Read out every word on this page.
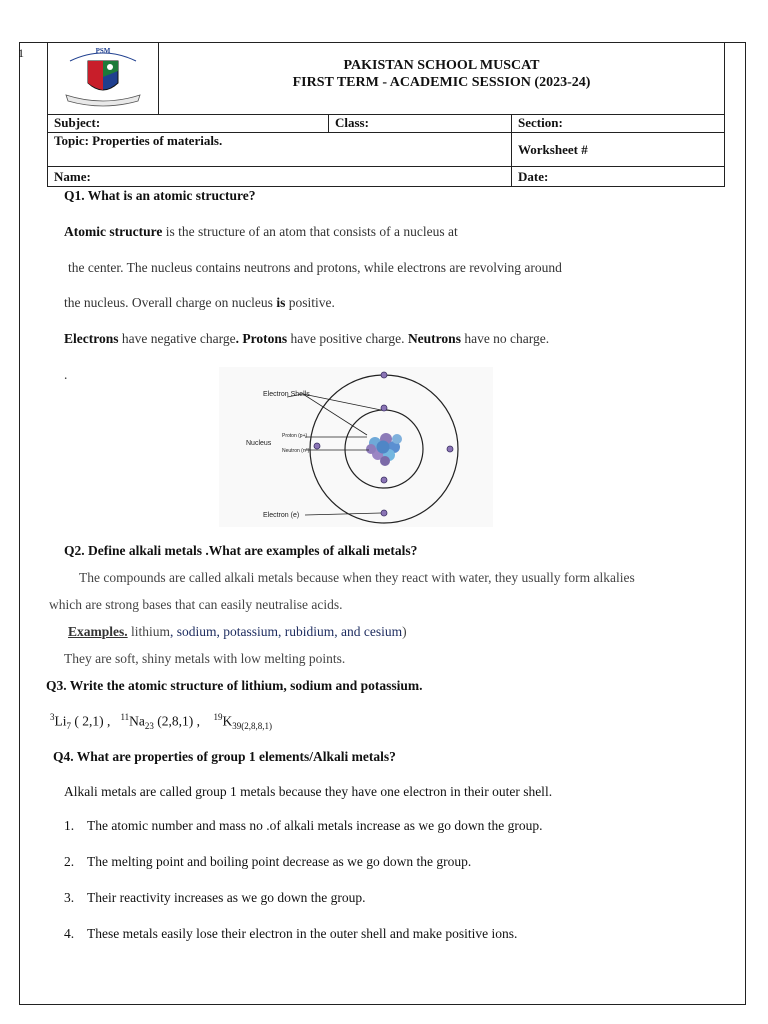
1	PSM	PAKISTAN SCHOOL MUSCAT
FIRST TERM - ACADEMIC SESSION (2023-24)		

Subject:		Class:	Section:
Topic: Properties of materials.			Worksheet #
Name:			Date:
Q1. What is an atomic structure?
Atomic structure is the structure of an atom that consists of a nucleus at
the center. The nucleus contains neutrons and protons, while electrons are revolving around
the nucleus. Overall charge on nucleus is positive.
Electrons have negative charge. Protons have positive charge. Neutrons have no charge.
.
Electron Shells
Nucleus
Proton (p+)
Neutron (n°)
Electron (e)
Q2. Define alkali metals .What are examples of alkali metals?
The compounds are called alkali metals because when they react with water, they usually form alkalies
which are strong bases that can easily neutralise acids.
Examples. lithium, sodium, potassium, rubidium, and cesium)
They are soft, shiny metals with low melting points.
Q3. Write the atomic structure of lithium, sodium and potassium.
$^3Li_7$ ( 2,1) , $^{11}Na_{23}$ (2,8,1) , $^{19}K_{39(2,8,8,1)}$
Q4. What are properties of group 1 elements/Alkali metals?
Alkali metals are called group 1 metals because they have one electron in their outer shell.
1. The atomic number and mass no .of alkali metals increase as we go down the group.
2. The melting point and boiling point decrease as we go down the group.
3. Their reactivity increases as we go down the group.
4. These metals easily lose their electron in the outer shell and make positive ions.
